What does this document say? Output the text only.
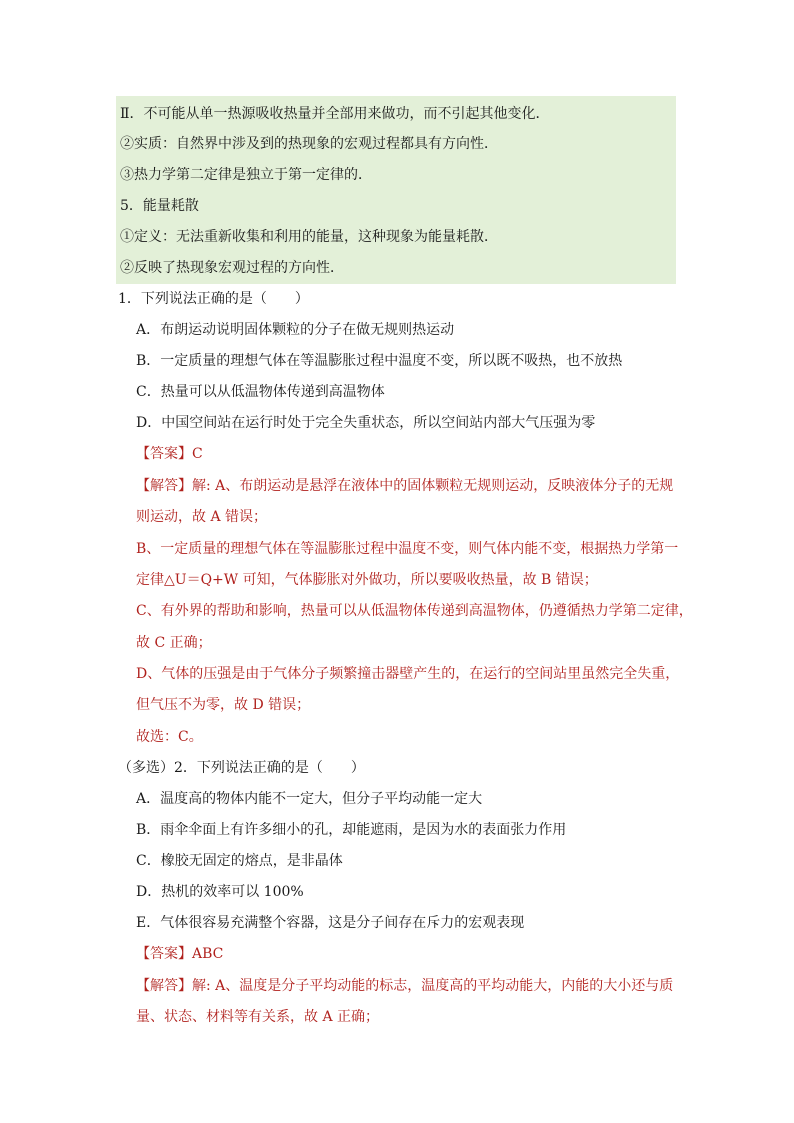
Ⅱ．不可能从单一热源吸收热量并全部用来做功，而不引起其他变化．
②实质：自然界中涉及到的热现象的宏观过程都具有方向性．
③热力学第二定律是独立于第一定律的．
5．能量耗散
①定义：无法重新收集和利用的能量，这种现象为能量耗散．
②反映了热现象宏观过程的方向性．
1．下列说法正确的是（　　）
A．布朗运动说明固体颗粒的分子在做无规则热运动
B．一定质量的理想气体在等温膨胀过程中温度不变，所以既不吸热，也不放热
C．热量可以从低温物体传递到高温物体
D．中国空间站在运行时处于完全失重状态，所以空间站内部大气压强为零
【答案】C
【解答】解: A、布朗运动是悬浮在液体中的固体颗粒无规则运动，反映液体分子的无规
则运动，故 A 错误；
B、一定质量的理想气体在等温膨胀过程中温度不变，则气体内能不变，根据热力学第一
定律△U＝Q+W 可知，气体膨胀对外做功，所以要吸收热量，故 B 错误；
C、有外界的帮助和影响，热量可以从低温物体传递到高温物体，仍遵循热力学第二定律，
故 C 正确；
D、气体的压强是由于气体分子频繁撞击器壁产生的，在运行的空间站里虽然完全失重，
但气压不为零，故 D 错误；
故选：C。
（多选）2．下列说法正确的是（　　）
A．温度高的物体内能不一定大，但分子平均动能一定大
B．雨伞伞面上有许多细小的孔，却能遮雨，是因为水的表面张力作用
C．橡胶无固定的熔点，是非晶体
D．热机的效率可以 100%
E．气体很容易充满整个容器，这是分子间存在斥力的宏观表现
【答案】ABC
【解答】解: A、温度是分子平均动能的标志，温度高的平均动能大，内能的大小还与质
量、状态、材料等有关系，故 A 正确；
